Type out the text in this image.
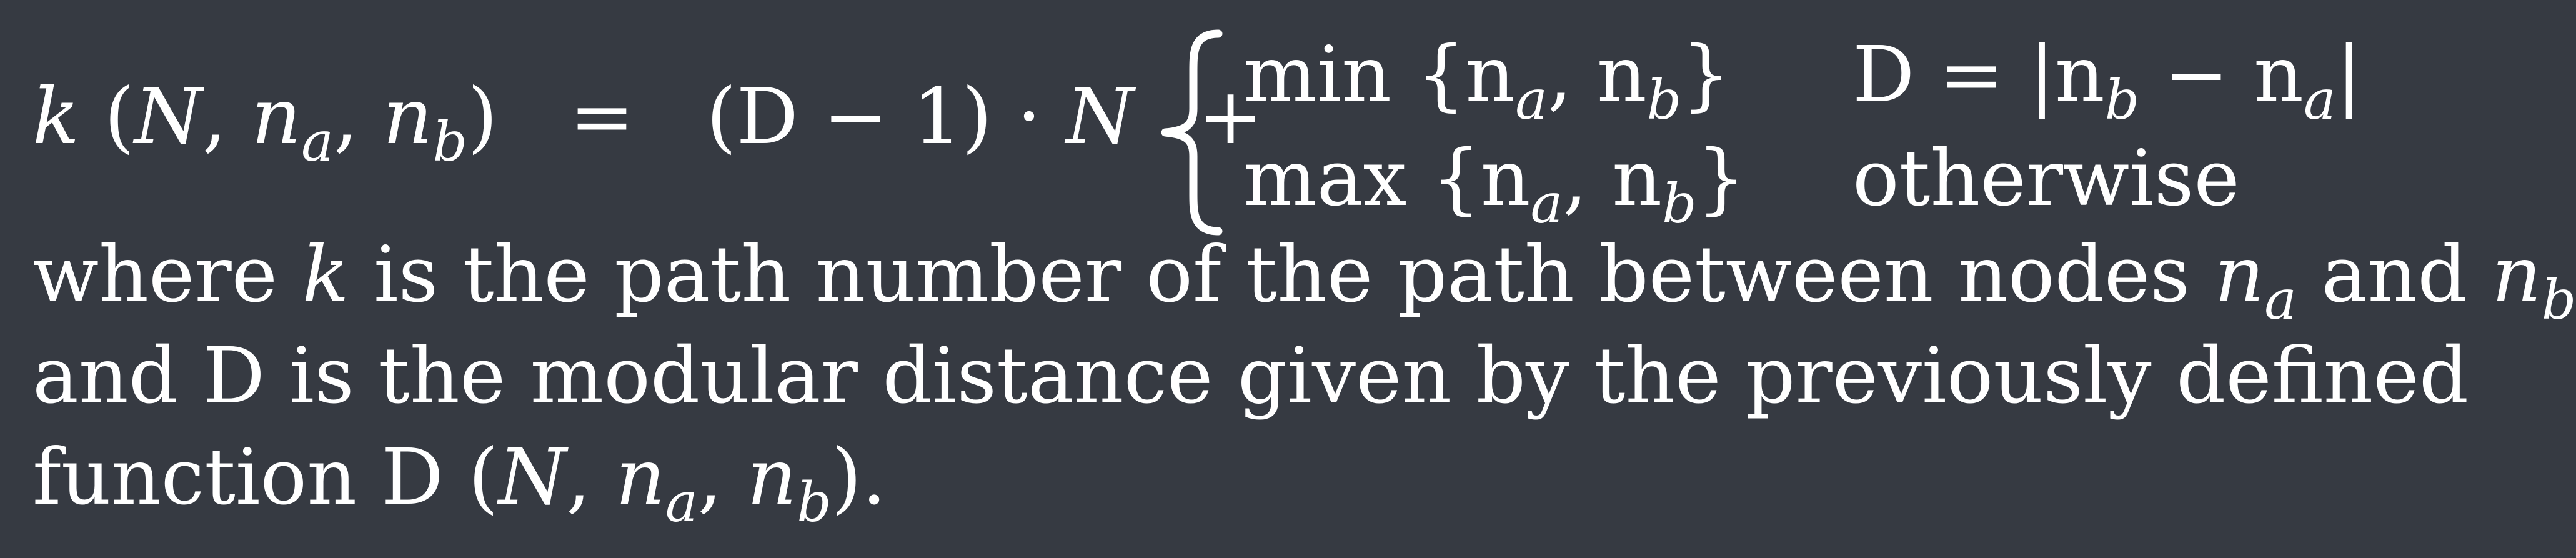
k (N, $n_a$, $n_b) = (D - 1) \cdot N$ +
$\min \{n_a$, $n_b$} $D = |n_b - n_a|$
$\max \{n_a$, $n_b$} otherwise
where k is the path number of the path between nodes $n_a$ and $n_b$
and D is the modular distance given by the previously defined
function D (N, $n_a$, $n_b$).
